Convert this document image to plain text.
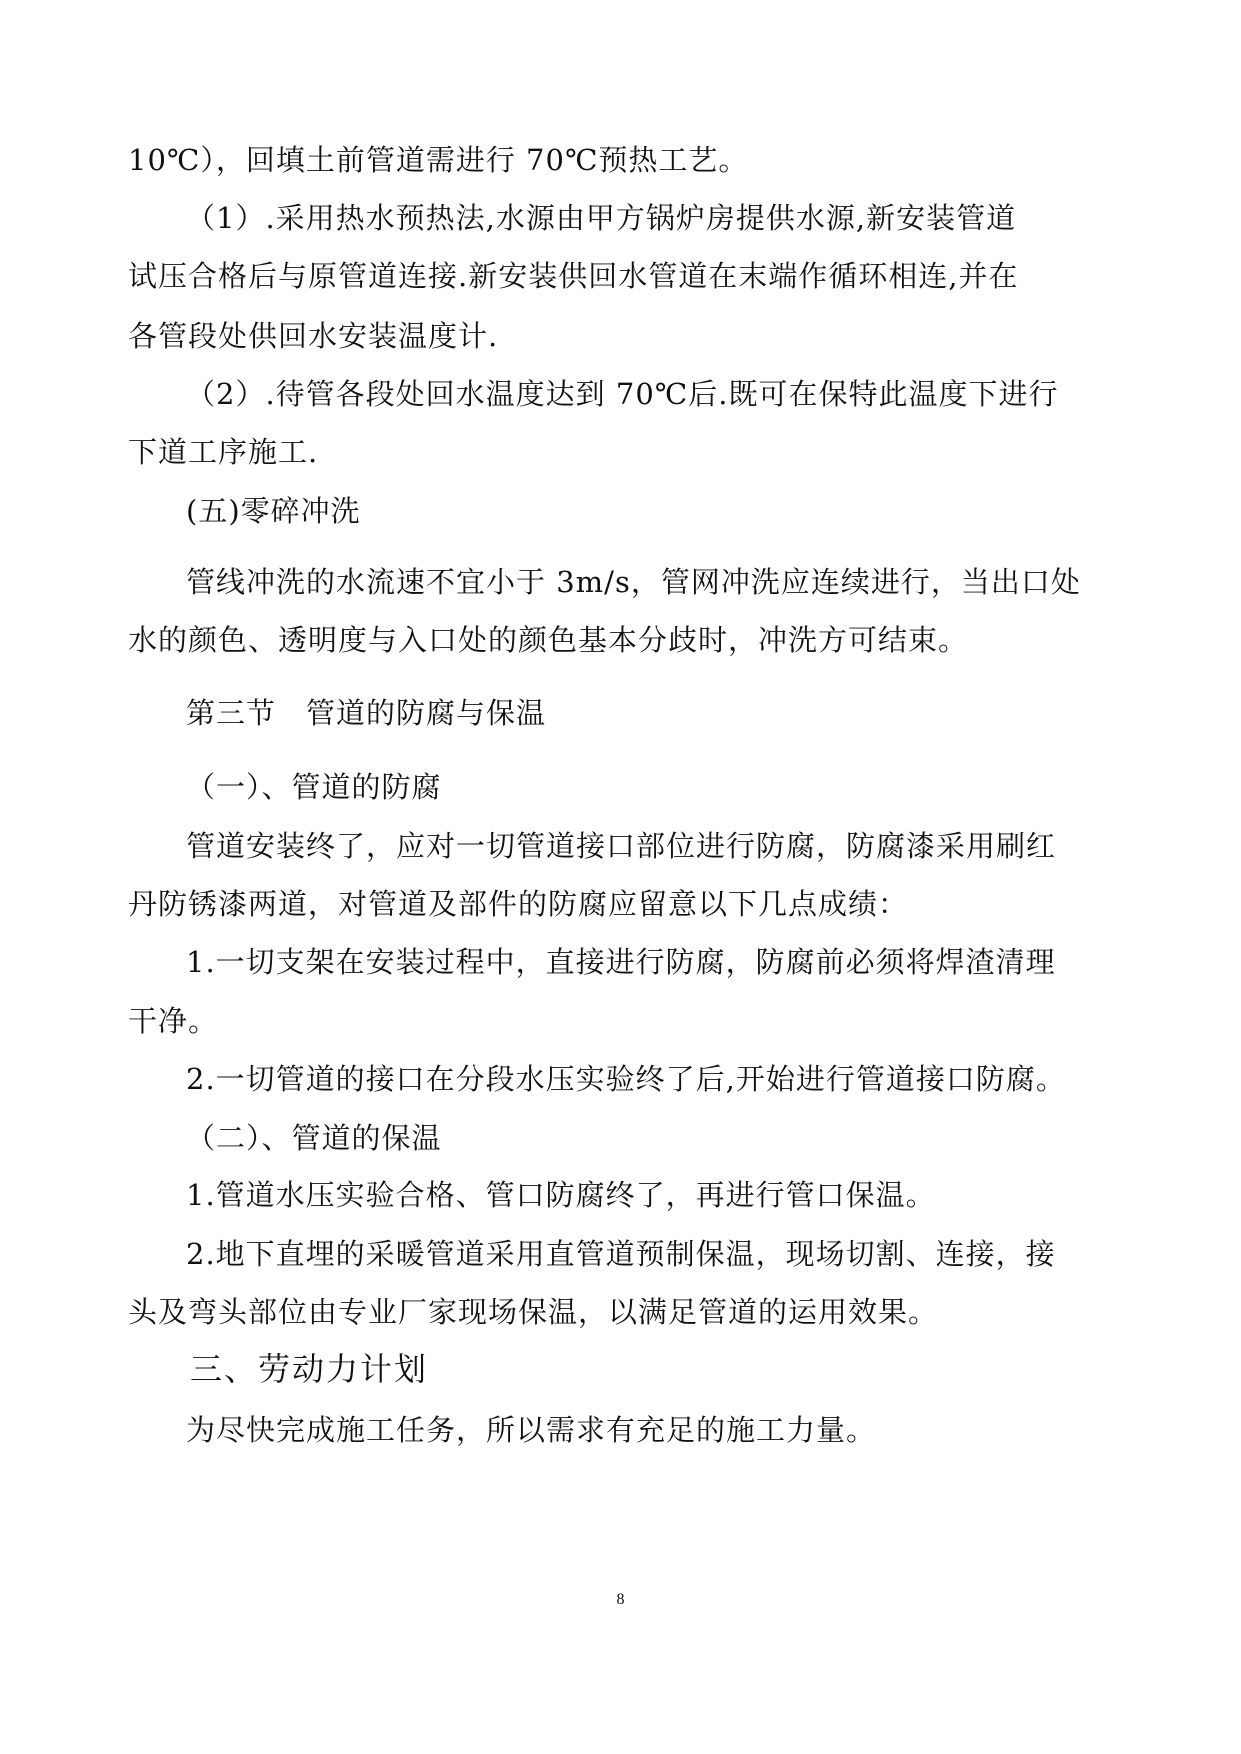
10℃），回填土前管道需进行 70℃预热工艺。
（1）.采用热水预热法,水源由甲方锅炉房提供水源,新安装管道
试压合格后与原管道连接.新安装供回水管道在末端作循环相连,并在
各管段处供回水安装温度计.
（2）.待管各段处回水温度达到 70℃后.既可在保特此温度下进行
下道工序施工.
(五)零碎冲洗
管线冲洗的水流速不宜小于 3m/s，管网冲洗应连续进行，当出口处
水的颜色、透明度与入口处的颜色基本分歧时，冲洗方可结束。
第三节　管道的防腐与保温
（一）、管道的防腐
管道安装终了，应对一切管道接口部位进行防腐，防腐漆采用刷红
丹防锈漆两道，对管道及部件的防腐应留意以下几点成绩：
1.一切支架在安装过程中，直接进行防腐，防腐前必须将焊渣清理
干净。
2.一切管道的接口在分段水压实验终了后,开始进行管道接口防腐。
（二）、管道的保温
1.管道水压实验合格、管口防腐终了，再进行管口保温。
2.地下直埋的采暖管道采用直管道预制保温，现场切割、连接，接
头及弯头部位由专业厂家现场保温，以满足管道的运用效果。
三、劳动力计划
为尽快完成施工任务，所以需求有充足的施工力量。
8
